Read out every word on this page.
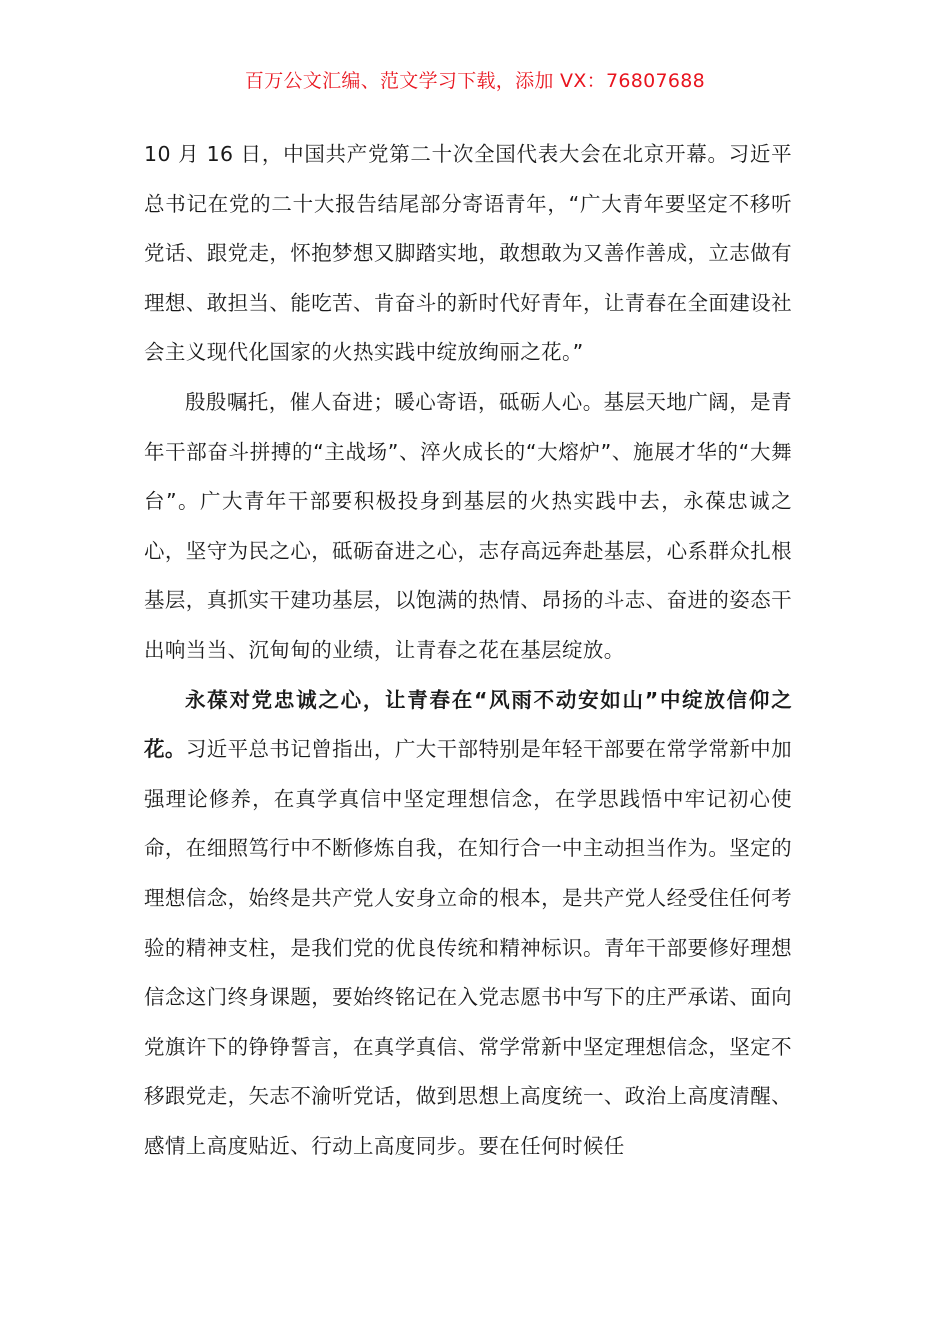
百万公文汇编、范文学习下载，添加 VX：76807688

10 月 16 日，中国共产党第二十次全国代表大会在北京开幕。习近平总书记在党的二十大报告结尾部分寄语青年，“广大青年要坚定不移听党话、跟党走，怀抱梦想又脚踏实地，敢想敢为又善作善成，立志做有理想、敢担当、能吃苦、肯奋斗的新时代好青年，让青春在全面建设社会主义现代化国家的火热实践中绽放绚丽之花。”

殷殷嘱托，催人奋进；暖心寄语，砥砺人心。基层天地广阔，是青年干部奋斗拼搏的“主战场”、淬火成长的“大熔炉”、施展才华的“大舞台”。广大青年干部要积极投身到基层的火热实践中去，永葆忠诚之心，坚守为民之心，砥砺奋进之心，志存高远奔赴基层，心系群众扎根基层，真抓实干建功基层，以饱满的热情、昂扬的斗志、奋进的姿态干出响当当、沉甸甸的业绩，让青春之花在基层绽放。

永葆对党忠诚之心，让青春在“风雨不动安如山”中绽放信仰之花。习近平总书记曾指出，广大干部特别是年轻干部要在常学常新中加强理论修养，在真学真信中坚定理想信念，在学思践悟中牢记初心使命，在细照笃行中不断修炼自我，在知行合一中主动担当作为。坚定的理想信念，始终是共产党人安身立命的根本，是共产党人经受住任何考验的精神支柱，是我们党的优良传统和精神标识。青年干部要修好理想信念这门终身课题，要始终铭记在入党志愿书中写下的庄严承诺、面向党旗许下的铮铮誓言，在真学真信、常学常新中坚定理想信念，坚定不移跟党走，矢志不渝听党话，做到思想上高度统一、政治上高度清醒、感情上高度贴近、行动上高度同步。要在任何时候任
